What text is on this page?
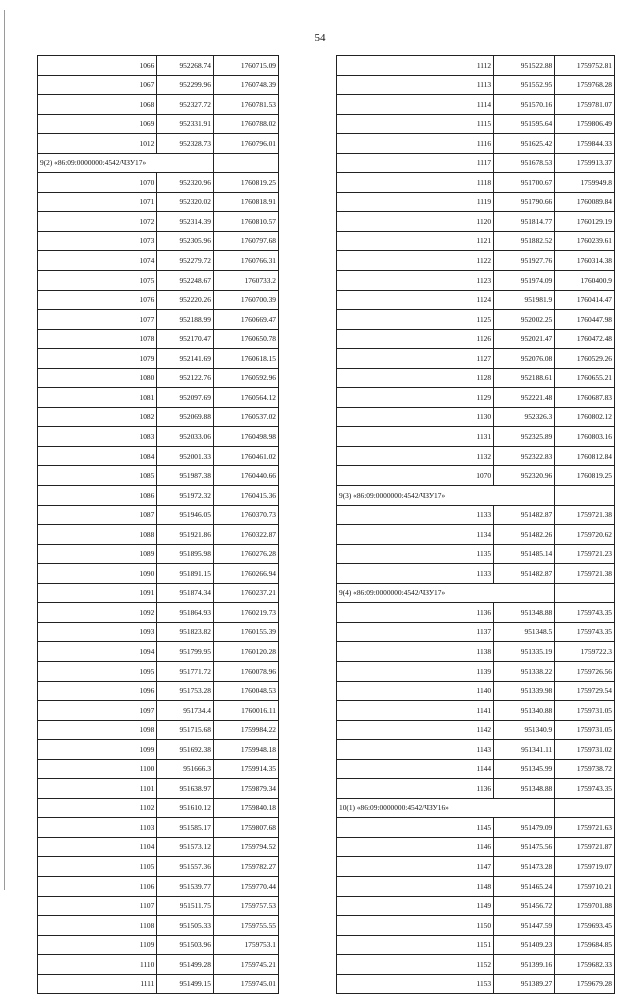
54
1066	952268.74	1760715.09
1067	952299.96	1760748.39
1068	952327.72	1760781.53
1069	952331.91	1760788.02
1012	952328.73	1760796.01
9(2) «86:09:0000000:4542/ЧЗУ17»		
1070	952320.96	1760819.25
1071	952320.02	1760818.91
1072	952314.39	1760810.57
1073	952305.96	1760797.68
1074	952279.72	1760766.31
1075	952248.67	1760733.2
1076	952220.26	1760700.39
1077	952188.99	1760669.47
1078	952170.47	1760650.78
1079	952141.69	1760618.15
1080	952122.76	1760592.96
1081	952097.69	1760564.12
1082	952069.88	1760537.02
1083	952033.06	1760498.98
1084	952001.33	1760461.02
1085	951987.38	1760440.66
1086	951972.32	1760415.36
1087	951946.05	1760370.73
1088	951921.86	1760322.87
1089	951895.98	1760276.28
1090	951891.15	1760266.94
1091	951874.34	1760237.21
1092	951864.93	1760219.73
1093	951823.82	1760155.39
1094	951799.95	1760120.28
1095	951771.72	1760078.96
1096	951753.28	1760048.53
1097	951734.4	1760016.11
1098	951715.68	1759984.22
1099	951692.38	1759948.18
1100	951666.3	1759914.35
1101	951638.97	1759879.34
1102	951610.12	1759840.18
1103	951585.17	1759807.68
1104	951573.12	1759794.52
1105	951557.36	1759782.27
1106	951539.77	1759770.44
1107	951511.75	1759757.53
1108	951505.33	1759755.55
1109	951503.96	1759753.1
1110	951499.28	1759745.21
1111	951499.15	1759745.01
1112	951522.88	1759752.81
1113	951552.95	1759768.28
1114	951570.16	1759781.07
1115	951595.64	1759806.49
1116	951625.42	1759844.33
1117	951678.53	1759913.37
1118	951700.67	1759949.8
1119	951790.66	1760089.84
1120	951814.77	1760129.19
1121	951882.52	1760239.61
1122	951927.76	1760314.38
1123	951974.09	1760400.9
1124	951981.9	1760414.47
1125	952002.25	1760447.98
1126	952021.47	1760472.48
1127	952076.08	1760529.26
1128	952188.61	1760655.21
1129	952221.48	1760687.83
1130	952326.3	1760802.12
1131	952325.89	1760803.16
1132	952322.83	1760812.84
1070	952320.96	1760819.25
9(3) «86:09:0000000:4542/ЧЗУ17»		
1133	951482.87	1759721.38
1134	951482.26	1759720.62
1135	951485.14	1759721.23
1133	951482.87	1759721.38
9(4) «86:09:0000000:4542/ЧЗУ17»		
1136	951348.88	1759743.35
1137	951348.5	1759743.35
1138	951335.19	1759722.3
1139	951338.22	1759726.56
1140	951339.98	1759729.54
1141	951340.88	1759731.05
1142	951340.9	1759731.05
1143	951341.11	1759731.02
1144	951345.99	1759738.72
1136	951348.88	1759743.35
10(1) «86:09:0000000:4542/ЧЗУ16»		
1145	951479.09	1759721.63
1146	951475.56	1759721.87
1147	951473.28	1759719.07
1148	951465.24	1759710.21
1149	951456.72	1759701.88
1150	951447.59	1759693.45
1151	951409.23	1759684.85
1152	951399.16	1759682.33
1153	951389.27	1759679.28
